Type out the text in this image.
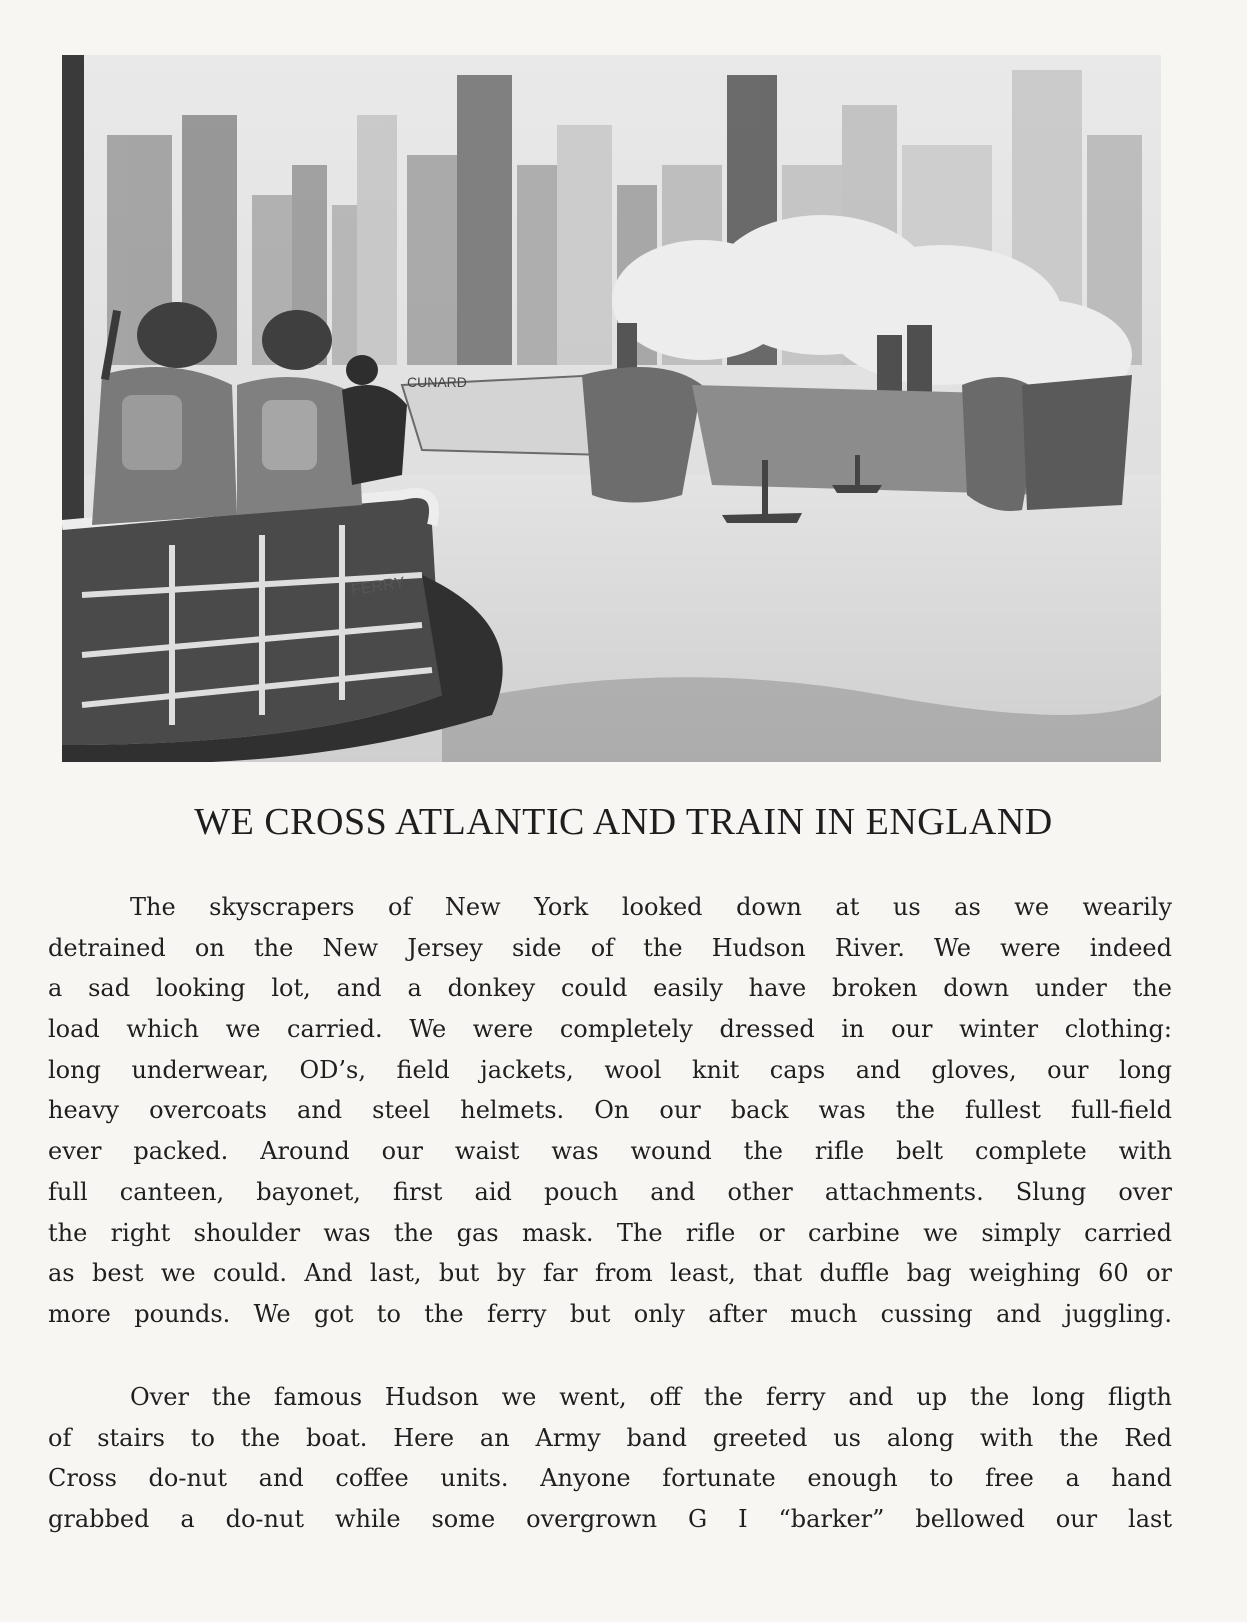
CUNARD
FERRY
WE CROSS ATLANTIC AND TRAIN IN ENGLAND
The skyscrapers of New York looked down at us as we wearily
detrained on the New Jersey side of the Hudson River. We were indeed
a sad looking lot, and a donkey could easily have broken down under the
load which we carried. We were completely dressed in our winter clothing:
long underwear, OD’s, field jackets, wool knit caps and gloves, our long
heavy overcoats and steel helmets. On our back was the fullest full-field
ever packed. Around our waist was wound the rifle belt complete with
full canteen, bayonet, first aid pouch and other attachments. Slung over
the right shoulder was the gas mask. The rifle or carbine we simply carried
as best we could. And last, but by far from least, that duffle bag weighing 60 or
more pounds. We got to the ferry but only after much cussing and juggling.
Over the famous Hudson we went, off the ferry and up the long fligth
of stairs to the boat. Here an Army band greeted us along with the Red
Cross do-nut and coffee units. Anyone fortunate enough to free a hand
grabbed a do-nut while some overgrown G I “barker” bellowed our last
